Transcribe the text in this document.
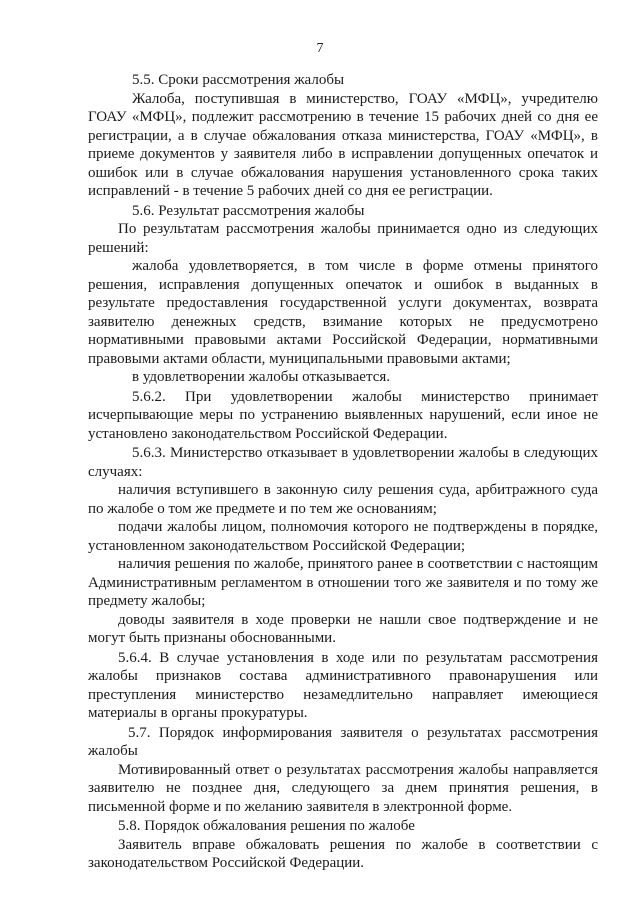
7

5.5. Сроки рассмотрения жалобы

Жалоба, поступившая в министерство, ГОАУ «МФЦ», учредителю ГОАУ «МФЦ», подлежит рассмотрению в течение 15 рабочих дней со дня ее регистрации, а в случае обжалования отказа министерства, ГОАУ «МФЦ», в приеме документов у заявителя либо в исправлении допущенных опечаток и ошибок или в случае обжалования нарушения установленного срока таких исправлений - в течение 5 рабочих дней со дня ее регистрации.

5.6. Результат рассмотрения жалобы

По результатам рассмотрения жалобы принимается одно из следующих решений:

жалоба удовлетворяется, в том числе в форме отмены принятого решения, исправления допущенных опечаток и ошибок в выданных в результате предоставления государственной услуги документах, возврата заявителю денежных средств, взимание которых не предусмотрено нормативными правовыми актами Российской Федерации, нормативными правовыми актами области, муниципальными правовыми актами;

в удовлетворении жалобы отказывается.

5.6.2. При удовлетворении жалобы министерство принимает исчерпывающие меры по устранению выявленных нарушений, если иное не установлено законодательством Российской Федерации.

5.6.3. Министерство отказывает в удовлетворении жалобы в следующих случаях:

наличия вступившего в законную силу решения суда, арбитражного суда по жалобе о том же предмете и по тем же основаниям;

подачи жалобы лицом, полномочия которого не подтверждены в порядке, установленном законодательством Российской Федерации;

наличия решения по жалобе, принятого ранее в соответствии с настоящим Административным регламентом в отношении того же заявителя и по тому же предмету жалобы;

доводы заявителя в ходе проверки не нашли свое подтверждение и не могут быть признаны обоснованными.

5.6.4. В случае установления в ходе или по результатам рассмотрения жалобы признаков состава административного правонарушения или преступления министерство незамедлительно направляет имеющиеся материалы в органы прокуратуры.

5.7. Порядок информирования заявителя о результатах рассмотрения жалобы

Мотивированный ответ о результатах рассмотрения жалобы направляется заявителю не позднее дня, следующего за днем принятия решения, в письменной форме и по желанию заявителя в электронной форме.

5.8. Порядок обжалования решения по жалобе

Заявитель вправе обжаловать решения по жалобе в соответствии с законодательством Российской Федерации.
